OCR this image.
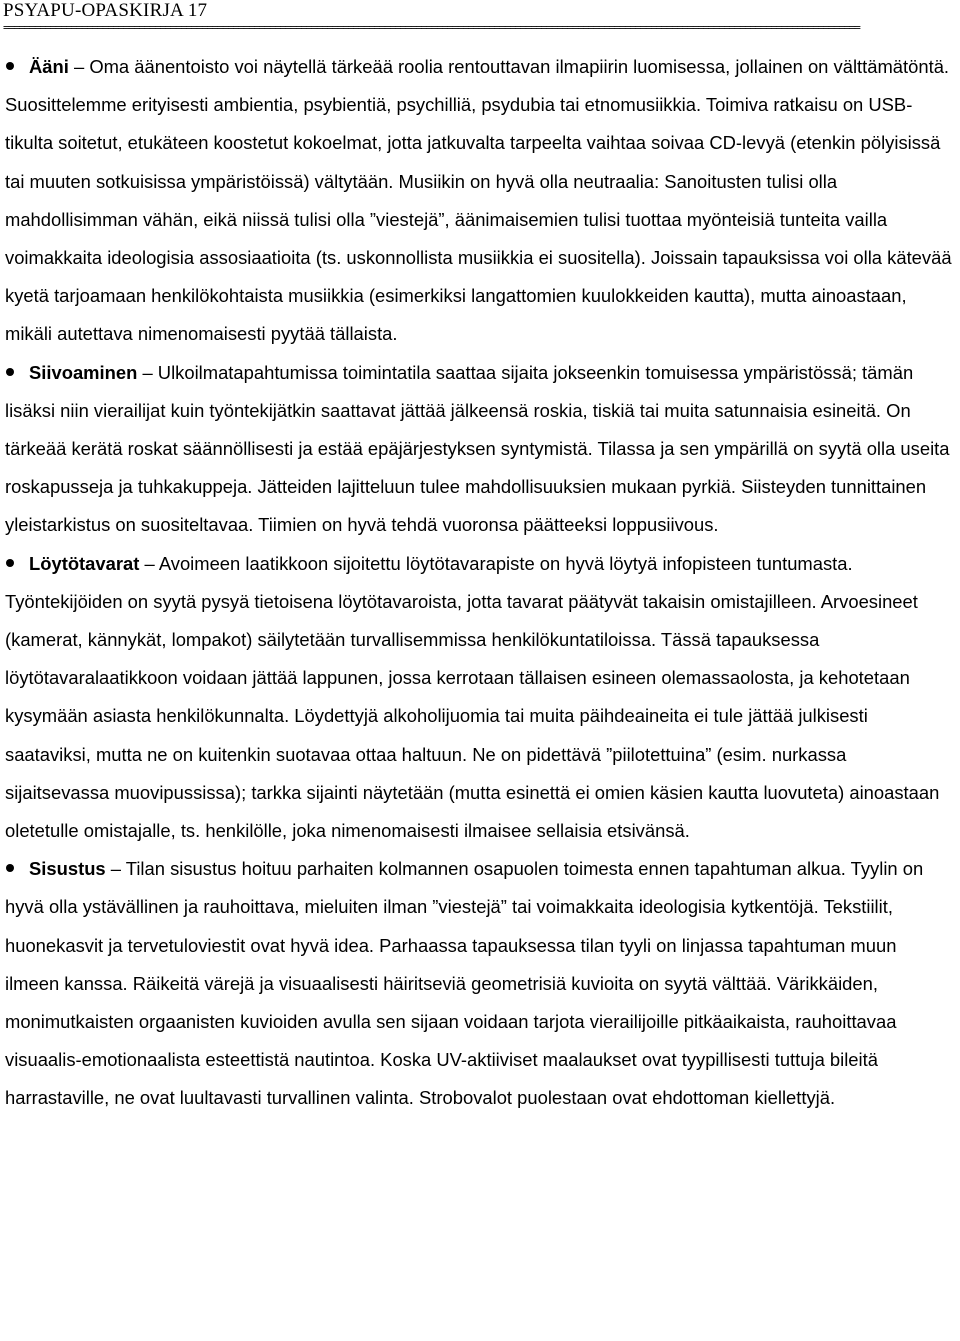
PSYAPU-OPASKIRJA 17
====================================================================================================================================================================

Ääni – Oma äänentoisto voi näytellä tärkeää roolia rentouttavan ilmapiirin luomisessa, jollainen on välttämätöntä. Suosittelemme erityisesti ambientia, psybientiä, psychilliä, psydubia tai etnomusiikkia. Toimiva ratkaisu on USB-tikulta soitetut, etukäteen koostetut kokoelmat, jotta jatkuvalta tarpeelta vaihtaa soivaa CD-levyä (etenkin pölyisissä tai muuten sotkuisissa ympäristöissä) vältytään. Musiikin on hyvä olla neutraalia: Sanoitusten tulisi olla mahdollisimman vähän, eikä niissä tulisi olla ”viestejä”, äänimaisemien tulisi tuottaa myönteisiä tunteita vailla voimakkaita ideologisia assosiaatioita (ts. uskonnollista musiikkia ei suositella). Joissain tapauksissa voi olla kätevää kyetä tarjoamaan henkilökohtaista musiikkia (esimerkiksi langattomien kuulokkeiden kautta), mutta ainoastaan, mikäli autettava nimenomaisesti pyytää tällaista.

Siivoaminen – Ulkoilmatapahtumissa toimintatila saattaa sijaita jokseenkin tomuisessa ympäristössä; tämän lisäksi niin vierailijat kuin työntekijätkin saattavat jättää jälkeensä roskia, tiskiä tai muita satunnaisia esineitä. On tärkeää kerätä roskat säännöllisesti ja estää epäjärjestyksen syntymistä. Tilassa ja sen ympärillä on syytä olla useita roskapusseja ja tuhkakuppeja. Jätteiden lajitteluun tulee mahdollisuuksien mukaan pyrkiä. Siisteyden tunnittainen yleistarkistus on suositeltavaa. Tiimien on hyvä tehdä vuoronsa päätteeksi loppusiivous.

Löytötavarat – Avoimeen laatikkoon sijoitettu löytötavarapiste on hyvä löytyä infopisteen tuntumasta. Työntekijöiden on syytä pysyä tietoisena löytötavaroista, jotta tavarat päätyvät takaisin omistajilleen. Arvoesineet (kamerat, kännykät, lompakot) säilytetään turvallisemmissa henkilökuntatiloissa. Tässä tapauksessa löytötavaralaatikkoon voidaan jättää lappunen, jossa kerrotaan tällaisen esineen olemassaolosta, ja kehotetaan kysymään asiasta henkilökunnalta. Löydettyjä alkoholijuomia tai muita päihdeaineita ei tule jättää julkisesti saataviksi, mutta ne on kuitenkin suotavaa ottaa haltuun. Ne on pidettävä ”piilotettuina” (esim. nurkassa sijaitsevassa muovipussissa); tarkka sijainti näytetään (mutta esinettä ei omien käsien kautta luovuteta) ainoastaan oletetulle omistajalle, ts. henkilölle, joka nimenomaisesti ilmaisee sellaisia etsivänsä.

Sisustus – Tilan sisustus hoituu parhaiten kolmannen osapuolen toimesta ennen tapahtuman alkua. Tyylin on hyvä olla ystävällinen ja rauhoittava, mieluiten ilman ”viestejä” tai voimakkaita ideologisia kytkentöjä. Tekstiilit, huonekasvit ja tervetuloviestit ovat hyvä idea. Parhaassa tapauksessa tilan tyyli on linjassa tapahtuman muun ilmeen kanssa. Räikeitä värejä ja visuaalisesti häiritseviä geometrisiä kuvioita on syytä välttää. Värikkäiden, monimutkaisten orgaanisten kuvioiden avulla sen sijaan voidaan tarjota vierailijoille pitkäaikaista, rauhoittavaa visuaalis-emotionaalista esteettistä nautintoa. Koska UV-aktiiviset maalaukset ovat tyypillisesti tuttuja bileitä harrastaville, ne ovat luultavasti turvallinen valinta. Strobovalot puolestaan ovat ehdottoman kiellettyjä.
